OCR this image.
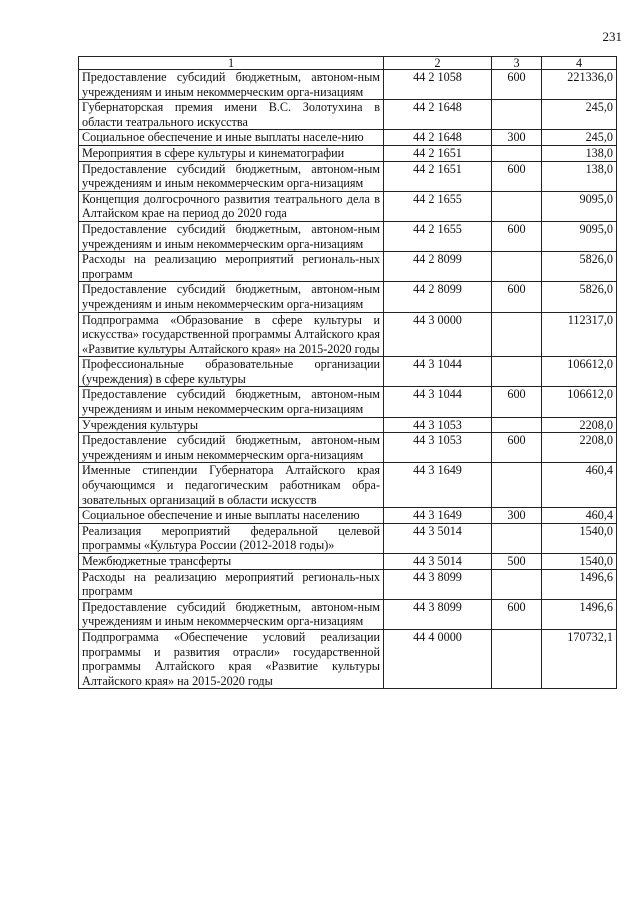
231
1	2	3	4
Предоставление субсидий бюджетным, автоном-ным учреждениям и иным некоммерческим орга-низациям	44 2 1058	600	221336,0
Губернаторская премия имени В.С. Золотухина в области театрального искусства	44 2 1648		245,0
Социальное обеспечение и иные выплаты населе-нию	44 2 1648	300	245,0
Мероприятия в сфере культуры и кинематографии	44 2 1651		138,0
Предоставление субсидий бюджетным, автоном-ным учреждениям и иным некоммерческим орга-низациям	44 2 1651	600	138,0
Концепция долгосрочного развития театрального дела в Алтайском крае на период до 2020 года	44 2 1655		9095,0
Предоставление субсидий бюджетным, автоном-ным учреждениям и иным некоммерческим орга-низациям	44 2 1655	600	9095,0
Расходы на реализацию мероприятий региональ-ных программ	44 2 8099		5826,0
Предоставление субсидий бюджетным, автоном-ным учреждениям и иным некоммерческим орга-низациям	44 2 8099	600	5826,0
Подпрограмма «Образование в сфере культуры и искусства» государственной программы Алтайского края «Развитие культуры Алтайского края» на 2015-2020 годы	44 3 0000		112317,0
Профессиональные образовательные организации (учреждения) в сфере культуры	44 3 1044		106612,0
Предоставление субсидий бюджетным, автоном-ным учреждениям и иным некоммерческим орга-низациям	44 3 1044	600	106612,0
Учреждения культуры	44 3 1053		2208,0
Предоставление субсидий бюджетным, автоном-ным учреждениям и иным некоммерческим орга-низациям	44 3 1053	600	2208,0
Именные стипендии Губернатора Алтайского края обучающимся и педагогическим работникам обра-зовательных организаций в области искусств	44 3 1649		460,4
Социальное обеспечение и иные выплаты населению	44 3 1649	300	460,4
Реализация мероприятий федеральной целевой программы «Культура России (2012-2018 годы)»	44 3 5014		1540,0
Межбюджетные трансферты	44 3 5014	500	1540,0
Расходы на реализацию мероприятий региональ-ных программ	44 3 8099		1496,6
Предоставление субсидий бюджетным, автоном-ным учреждениям и иным некоммерческим орга-низациям	44 3 8099	600	1496,6
Подпрограмма «Обеспечение условий реализации программы и развития отрасли» государственной программы Алтайского края «Развитие культуры Алтайского края» на 2015-2020 годы	44 4 0000		170732,1
